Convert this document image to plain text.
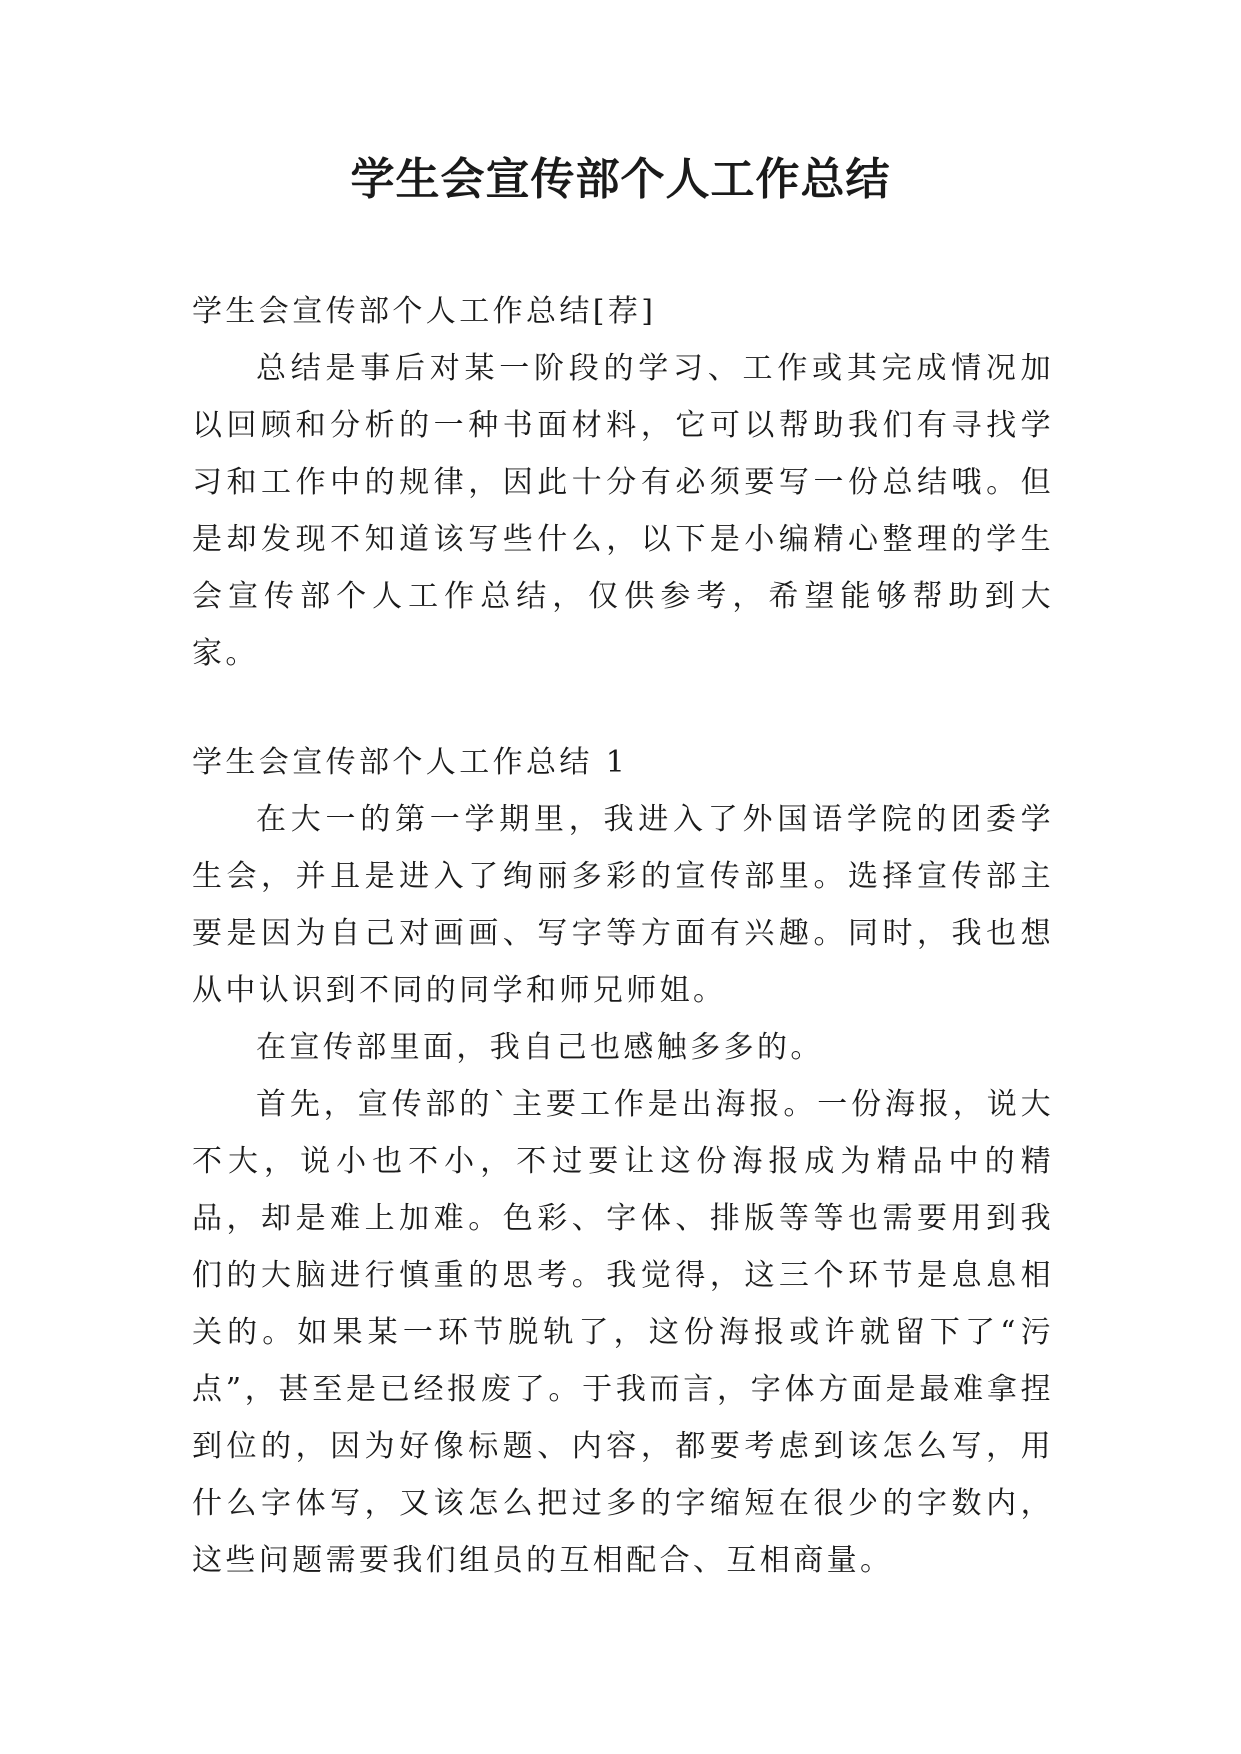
学生会宣传部个人工作总结

学生会宣传部个人工作总结[荐]

总结是事后对某一阶段的学习、工作或其完成情况加以回顾和分析的一种书面材料，它可以帮助我们有寻找学习和工作中的规律，因此十分有必须要写一份总结哦。但是却发现不知道该写些什么，以下是小编精心整理的学生会宣传部个人工作总结，仅供参考，希望能够帮助到大家。

学生会宣传部个人工作总结 1

在大一的第一学期里，我进入了外国语学院的团委学生会，并且是进入了绚丽多彩的宣传部里。选择宣传部主要是因为自己对画画、写字等方面有兴趣。同时，我也想从中认识到不同的同学和师兄师姐。

在宣传部里面，我自己也感触多多的。

首先，宣传部的`主要工作是出海报。一份海报，说大不大，说小也不小，不过要让这份海报成为精品中的精品，却是难上加难。色彩、字体、排版等等也需要用到我们的大脑进行慎重的思考。我觉得，这三个环节是息息相关的。如果某一环节脱轨了，这份海报或许就留下了“污点”，甚至是已经报废了。于我而言，字体方面是最难拿捏到位的，因为好像标题、内容，都要考虑到该怎么写，用什么字体写，又该怎么把过多的字缩短在很少的字数内，这些问题需要我们组员的互相配合、互相商量。
